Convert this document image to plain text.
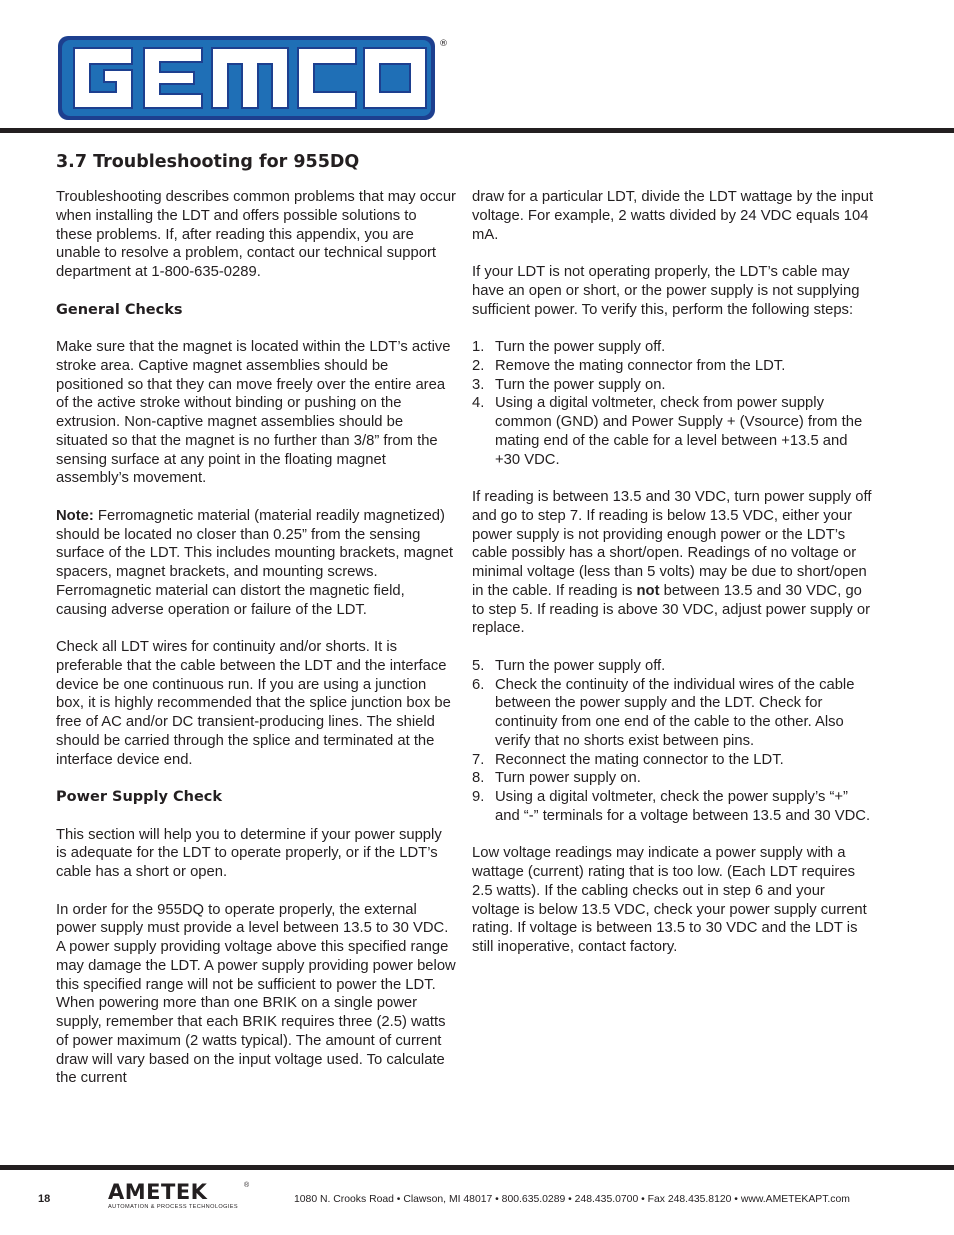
®
3.7 Troubleshooting for 955DQ

Troubleshooting describes common problems that may occur when installing the LDT and offers possible solutions to these problems. If, after reading this appendix, you are unable to resolve a problem, contact our technical support department at 1-800-635-0289.

General Checks

Make sure that the magnet is located within the LDT’s active stroke area. Captive magnet assemblies should be positioned so that they can move freely over the entire area of the active stroke without binding or pushing on the extrusion. Non-captive magnet assemblies should be situated so that the magnet is no further than 3/8” from the sensing surface at any point in the floating magnet assembly’s movement.

Note: Ferromagnetic material (material readily magnetized) should be located no closer than 0.25” from the sensing surface of the LDT. This includes mounting brackets, magnet spacers, magnet brackets, and mounting screws. Ferromagnetic material can distort the magnetic field, causing adverse operation or failure of the LDT.

Check all LDT wires for continuity and/or shorts. It is preferable that the cable between the LDT and the interface device be one continuous run. If you are using a junction box, it is highly recommended that the splice junction box be free of AC and/or DC transient-producing lines. The shield should be carried through the splice and terminated at the interface device end.

Power Supply Check

This section will help you to determine if your power supply is adequate for the LDT to operate properly, or if the LDT’s cable has a short or open.

In order for the 955DQ to operate properly, the external power supply must provide a level between 13.5 to 30 VDC. A power supply providing voltage above this specified range may damage the LDT. A power supply providing power below this specified range will not be sufficient to power the LDT. When powering more than one BRIK on a single power supply, remember that each BRIK requires three (2.5) watts of power maximum (2 watts typical). The amount of current draw will vary based on the input voltage used. To calculate the current

draw for a particular LDT, divide the LDT wattage by the input voltage. For example, 2 watts divided by 24 VDC equals 104 mA.

If your LDT is not operating properly, the LDT’s cable may have an open or short, or the power supply is not supplying sufficient power. To verify this, perform the following steps:

1. Turn the power supply off.
2. Remove the mating connector from the LDT.
3. Turn the power supply on.
4. Using a digital voltmeter, check from power supply common (GND) and Power Supply + (Vsource) from the mating end of the cable for a level between +13.5 and +30 VDC.

If reading is between 13.5 and 30 VDC, turn power supply off and go to step 7. If reading is below 13.5 VDC, either your power supply is not providing enough power or the LDT’s cable possibly has a short/open. Readings of no voltage or minimal voltage (less than 5 volts) may be due to short/open in the cable. If reading is not between 13.5 and 30 VDC, go to step 5. If reading is above 30 VDC, adjust power supply or replace.

5. Turn the power supply off.
6. Check the continuity of the individual wires of the cable between the power supply and the LDT. Check for continuity from one end of the cable to the other. Also verify that no shorts exist between pins.
7. Reconnect the mating connector to the LDT.
8. Turn power supply on.
9. Using a digital voltmeter, check the power supply’s “+” and “-” terminals for a voltage between 13.5 and 30 VDC.

Low voltage readings may indicate a power supply with a wattage (current) rating that is too low. (Each LDT requires 2.5 watts). If the cabling checks out in step 6 and your voltage is below 13.5 VDC, check your power supply current rating. If voltage is between 13.5 to 30 VDC and the LDT is still inoperative, contact factory.

18	AMETEK
AUTOMATION & PROCESS TECHNOLOGIES
®
1080 N. Crooks Road • Clawson, MI 48017 • 800.635.0289 • 248.435.0700 • Fax 248.435.8120 • www.AMETEKAPT.com
